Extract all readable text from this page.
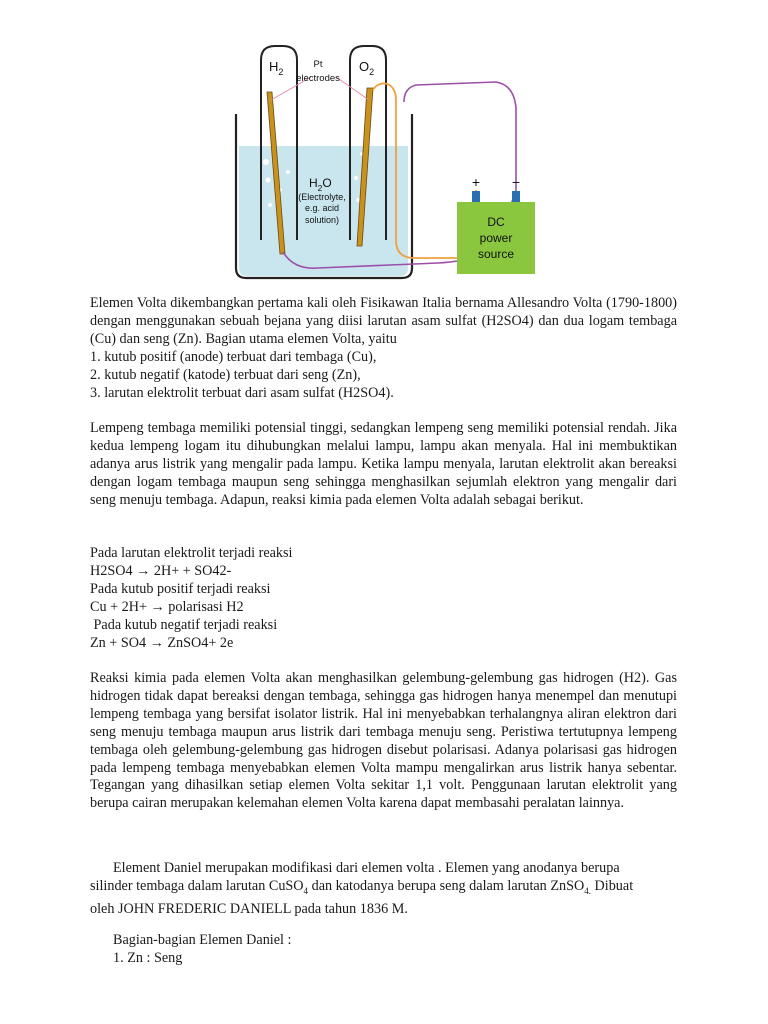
$H_2$	$O_2$
Pt
electrodes
$H_2O$
(Electrolyte,
e.g. acid
solution)
+ −
DC
power
source
Elemen Volta dikembangkan pertama kali oleh Fisikawan Italia bernama Allesandro Volta (1790-1800) dengan menggunakan sebuah bejana yang diisi larutan asam sulfat (H2SO4) dan dua logam tembaga (Cu) dan seng (Zn). Bagian utama elemen Volta, yaitu
1. kutub positif (anode) terbuat dari tembaga (Cu),
2. kutub negatif (katode) terbuat dari seng (Zn),
3. larutan elektrolit terbuat dari asam sulfat (H2SO4).
Lempeng tembaga memiliki potensial tinggi, sedangkan lempeng seng memiliki potensial rendah. Jika kedua lempeng logam itu dihubungkan melalui lampu, lampu akan menyala. Hal ini membuktikan adanya arus listrik yang mengalir pada lampu. Ketika lampu menyala, larutan elektrolit akan bereaksi dengan logam tembaga maupun seng sehingga menghasilkan sejumlah elektron yang mengalir dari seng menuju tembaga. Adapun, reaksi kimia pada elemen Volta adalah sebagai berikut.
Pada larutan elektrolit terjadi reaksi
H2SO4 → 2H+ + SO42-
Pada kutub positif terjadi reaksi
Cu + 2H+ → polarisasi H2
Pada kutub negatif terjadi reaksi
Zn + SO4 → ZnSO4+ 2e
Reaksi kimia pada elemen Volta akan menghasilkan gelembung-gelembung gas hidrogen (H2). Gas hidrogen tidak dapat bereaksi dengan tembaga, sehingga gas hidrogen hanya menempel dan menutupi lempeng tembaga yang bersifat isolator listrik. Hal ini menyebabkan terhalangnya aliran elektron dari seng menuju tembaga maupun arus listrik dari tembaga menuju seng. Peristiwa tertutupnya lempeng tembaga oleh gelembung-gelembung gas hidrogen disebut polarisasi. Adanya polarisasi gas hidrogen pada lempeng tembaga menyebabkan elemen Volta mampu mengalirkan arus listrik hanya sebentar. Tegangan yang dihasilkan setiap elemen Volta sekitar 1,1 volt. Penggunaan larutan elektrolit yang berupa cairan merupakan kelemahan elemen Volta karena dapat membasahi peralatan lainnya.
Element Daniel merupakan modifikasi dari elemen volta . Elemen yang anodanya berupa
silinder tembaga dalam larutan CuSO$_4$ dan katodanya berupa seng dalam larutan ZnSO$_{4.}$ Dibuat
oleh JOHN FREDERIC DANIELL pada tahun 1836 M.
Bagian-bagian Elemen Daniel :
1. Zn : Seng
